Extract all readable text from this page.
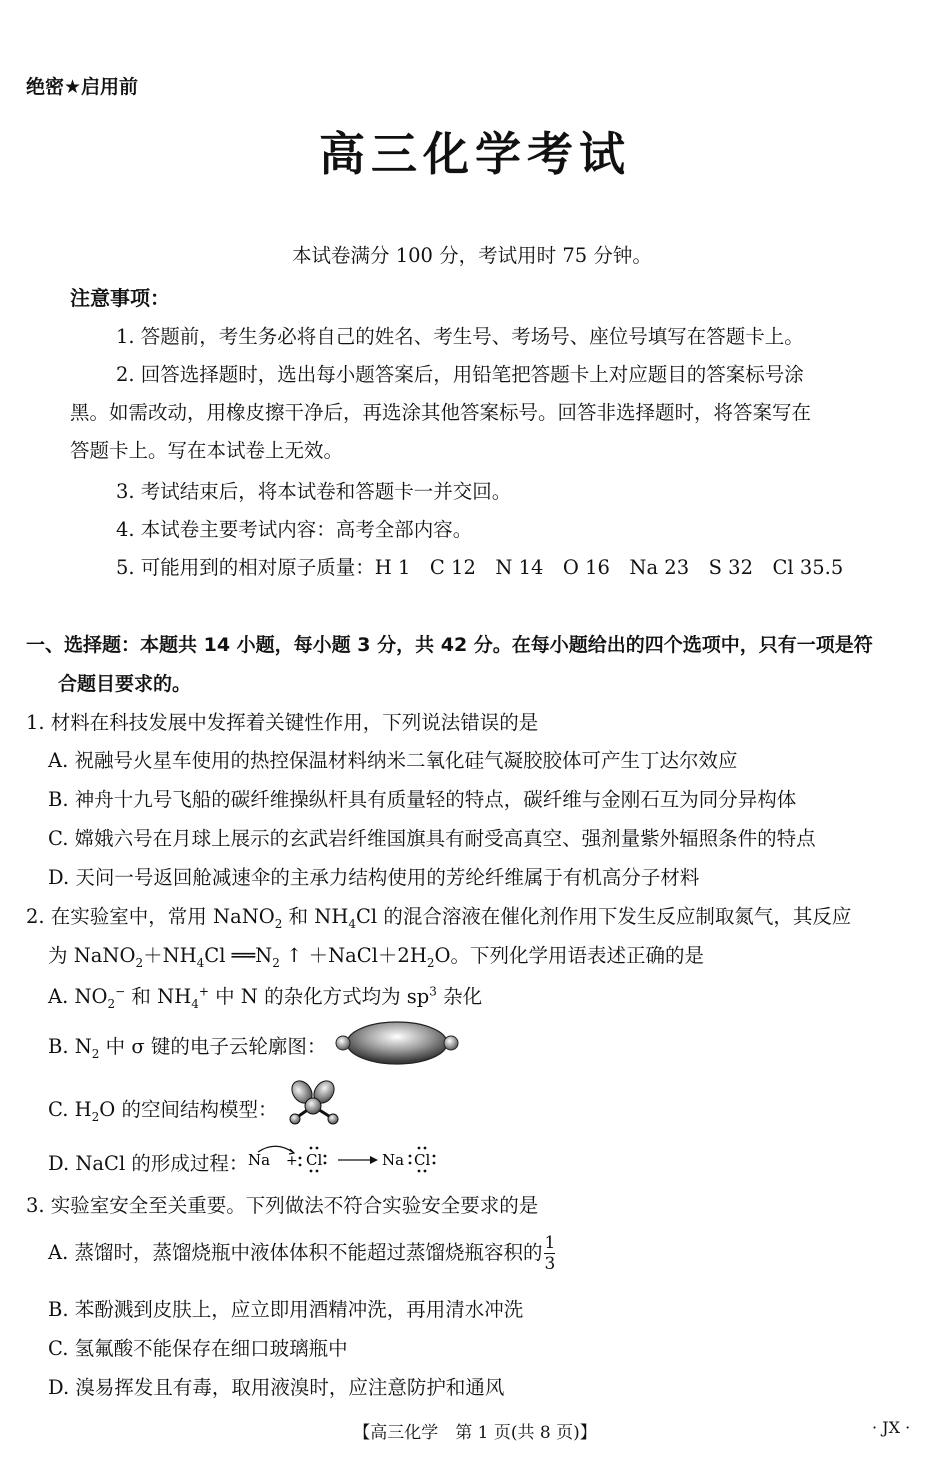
绝密★启用前
高三化学考试
本试卷满分 100 分，考试用时 75 分钟。
注意事项：
1. 答题前，考生务必将自己的姓名、考生号、考场号、座位号填写在答题卡上。
2. 回答选择题时，选出每小题答案后，用铅笔把答题卡上对应题目的答案标号涂
黑。如需改动，用橡皮擦干净后，再选涂其他答案标号。回答非选择题时，将答案写在
答题卡上。写在本试卷上无效。
3. 考试结束后，将本试卷和答题卡一并交回。
4. 本试卷主要考试内容：高考全部内容。
5. 可能用到的相对原子质量：H 1　C 12　N 14　O 16　Na 23　S 32　Cl 35.5
一、选择题：本题共 14 小题，每小题 3 分，共 42 分。在每小题给出的四个选项中，只有一项是符
合题目要求的。
1. 材料在科技发展中发挥着关键性作用，下列说法错误的是
A. 祝融号火星车使用的热控保温材料纳米二氧化硅气凝胶胶体可产生丁达尔效应
B. 神舟十九号飞船的碳纤维操纵杆具有质量轻的特点，碳纤维与金刚石互为同分异构体
C. 嫦娥六号在月球上展示的玄武岩纤维国旗具有耐受高真空、强剂量紫外辐照条件的特点
D. 天问一号返回舱减速伞的主承力结构使用的芳纶纤维属于有机高分子材料
2. 在实验室中，常用 NaNO$_2$ 和 $NH_4Cl$ 的混合溶液在催化剂作用下发生反应制取氮气，其反应
为 $NaNO_2+NH_4Cl$ $══N_2$ ↑ $+NaCl+2H_2O$。下列化学用语表述正确的是
A. $NO_2^-$ 和 $NH_4^+$ 中 N 的杂化方式均为 $sp^3$ 杂化
B. $N_2$ 中 σ 键的电子云轮廓图：
C. $H_2O$ 的空间结构模型：
D. NaCl 的形成过程： Na + Cl	Na Cl
3. 实验室安全至关重要。下列做法不符合实验安全要求的是
A. 蒸馏时，蒸馏烧瓶中液体体积不能超过蒸馏烧瓶容积的 $\frac{1}{3}$
B. 苯酚溅到皮肤上，应立即用酒精冲洗，再用清水冲洗
C. 氢氟酸不能保存在细口玻璃瓶中
D. 溴易挥发且有毒，取用液溴时，应注意防护和通风
【高三化学　第 1 页(共 8 页)】	· JX ·
